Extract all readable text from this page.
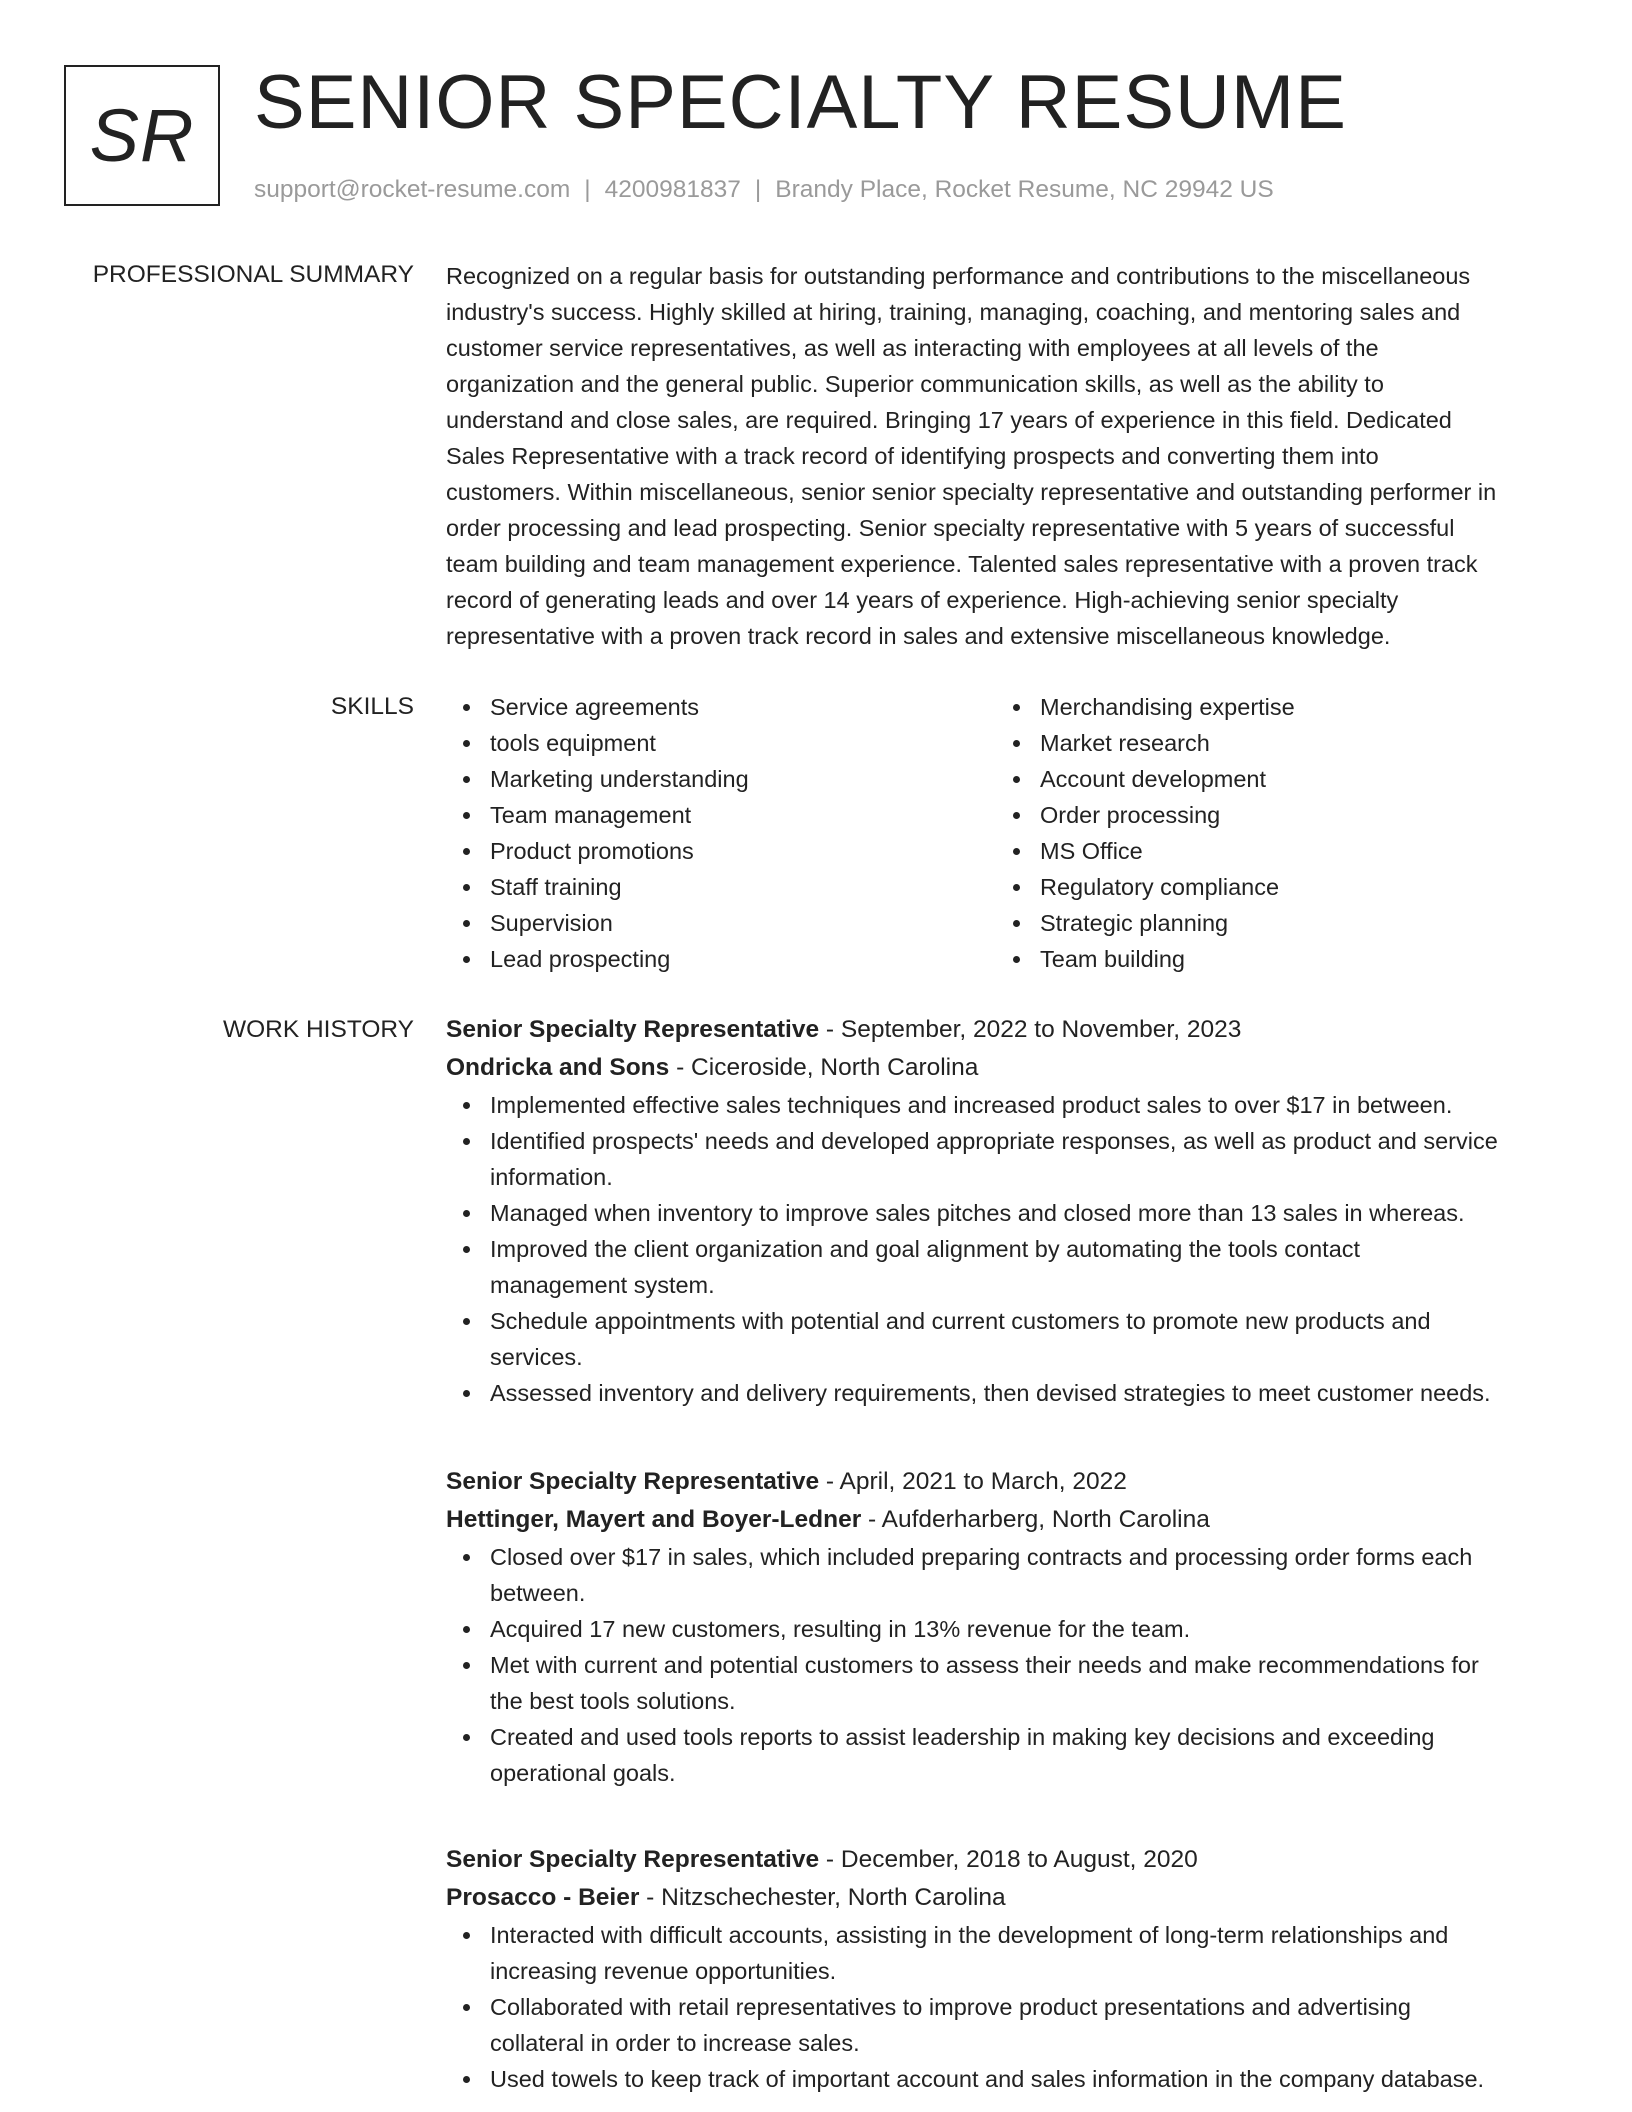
SR SENIOR SPECIALTY RESUME
support@rocket-resume.com | 4200981837 | Brandy Place, Rocket Resume, NC 29942 US
PROFESSIONAL SUMMARY Recognized on a regular basis for outstanding performance and contributions to the miscellaneous
industry's success. Highly skilled at hiring, training, managing, coaching, and mentoring sales and
customer service representatives, as well as interacting with employees at all levels of the
organization and the general public. Superior communication skills, as well as the ability to
understand and close sales, are required. Bringing 17 years of experience in this field. Dedicated
Sales Representative with a track record of identifying prospects and converting them into
customers. Within miscellaneous, senior senior specialty representative and outstanding performer in
order processing and lead prospecting. Senior specialty representative with 5 years of successful
team building and team management experience. Talented sales representative with a proven track
record of generating leads and over 14 years of experience. High-achieving senior specialty
representative with a proven track record in sales and extensive miscellaneous knowledge.
SKILLS	Service agreements
tools equipment
Marketing understanding
Team management
Product promotions
Staff training
Supervision
Lead prospecting
Merchandising expertise
Market research
Account development
Order processing
MS Office
Regulatory compliance
Strategic planning
Team building
WORK HISTORY Senior Specialty Representative - September, 2022 to November, 2023
Ondricka and Sons - Ciceroside, North Carolina
Implemented effective sales techniques and increased product sales to over $17 in between.
Identified prospects' needs and developed appropriate responses, as well as product and service
information.
Managed when inventory to improve sales pitches and closed more than 13 sales in whereas.
Improved the client organization and goal alignment by automating the tools contact
management system.
Schedule appointments with potential and current customers to promote new products and
services.
Assessed inventory and delivery requirements, then devised strategies to meet customer needs.
Senior Specialty Representative - April, 2021 to March, 2022
Hettinger, Mayert and Boyer-Ledner - Aufderharberg, North Carolina
Closed over $17 in sales, which included preparing contracts and processing order forms each
between.
Acquired 17 new customers, resulting in 13% revenue for the team.
Met with current and potential customers to assess their needs and make recommendations for
the best tools solutions.
Created and used tools reports to assist leadership in making key decisions and exceeding
operational goals.
Senior Specialty Representative - December, 2018 to August, 2020
Prosacco - Beier - Nitzschechester, North Carolina
Interacted with difficult accounts, assisting in the development of long-term relationships and
increasing revenue opportunities.
Collaborated with retail representatives to improve product presentations and advertising
collateral in order to increase sales.
Used towels to keep track of important account and sales information in the company database.
